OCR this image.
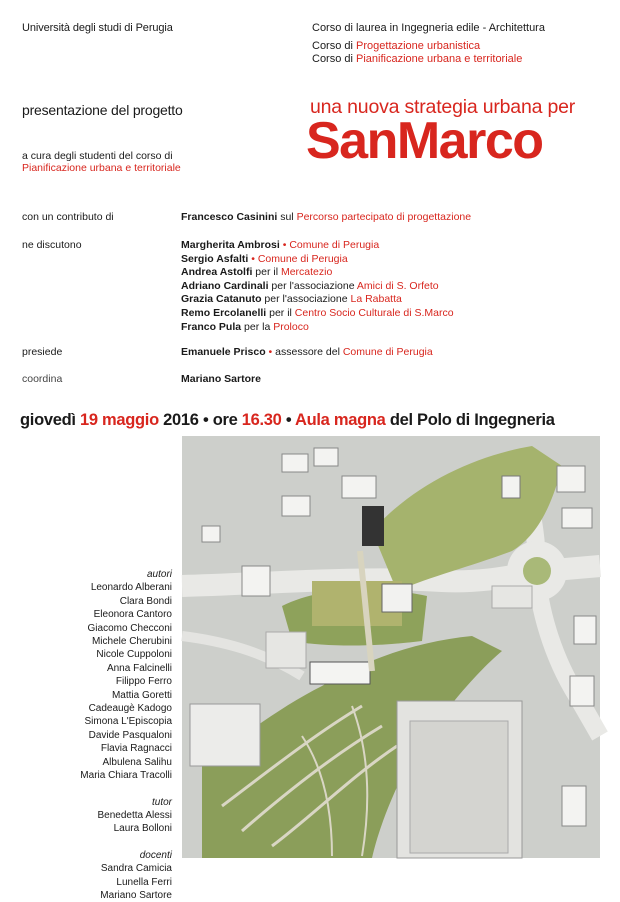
Università degli studi di Perugia	Corso di laurea in Ingegneria edile - Architettura
Corso di Progettazione urbanistica
Corso di Pianificazione urbana e territoriale
presentazione del progetto	una nuova strategia urbana per
SanMarco
a cura degli studenti del corso di
Pianificazione urbana e territoriale
con un contributo di	Francesco Casinini sul Percorso partecipato di progettazione
ne discutono	Margherita Ambrosi • Comune di Perugia
Sergio Asfalti • Comune di Perugia
Andrea Astolfi per il Mercatezio
Adriano Cardinali per l'associazione Amici di S. Orfeto
Grazia Catanuto per l'associazione La Rabatta
Remo Ercolanelli per il Centro Socio Culturale di S.Marco
Franco Pula per la Proloco
presiede	Emanuele Prisco • assessore del Comune di Perugia
coordina	Mariano Sartore
giovedì 19 maggio 2016 • ore 16.30 • Aula magna del Polo di Ingegneria
autori
Leonardo Alberani
Clara Bondi
Eleonora Cantoro
Giacomo Checconi
Michele Cherubini
Nicole Cuppoloni
Anna Falcinelli
Filippo Ferro
Mattia Goretti
Cadeaugè Kadogo
Simona L'Episcopia
Davide Pasqualoni
Flavia Ragnacci
Albulena Salihu
Maria Chiara Tracolli
tutor
Benedetta Alessi
Laura Bolloni
docenti
Sandra Camicia
Lunella Ferri
Mariano Sartore
